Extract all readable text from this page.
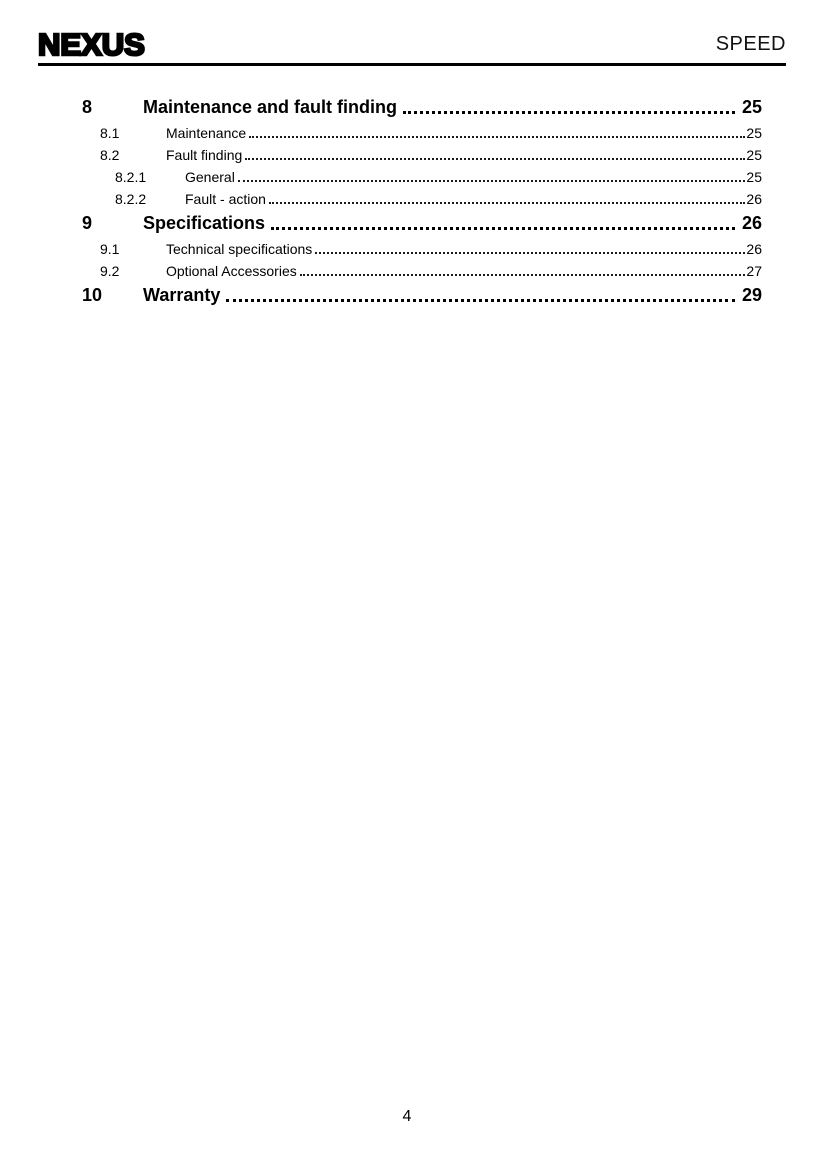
NEXUS	SPEED
8	Maintenance and fault finding	25
8.1	Maintenance	25
8.2	Fault finding	25
8.2.1	General	25
8.2.2	Fault - action	26
9	Specifications	26
9.1	Technical specifications	26
9.2	Optional Accessories	27
10	Warranty	29
4
